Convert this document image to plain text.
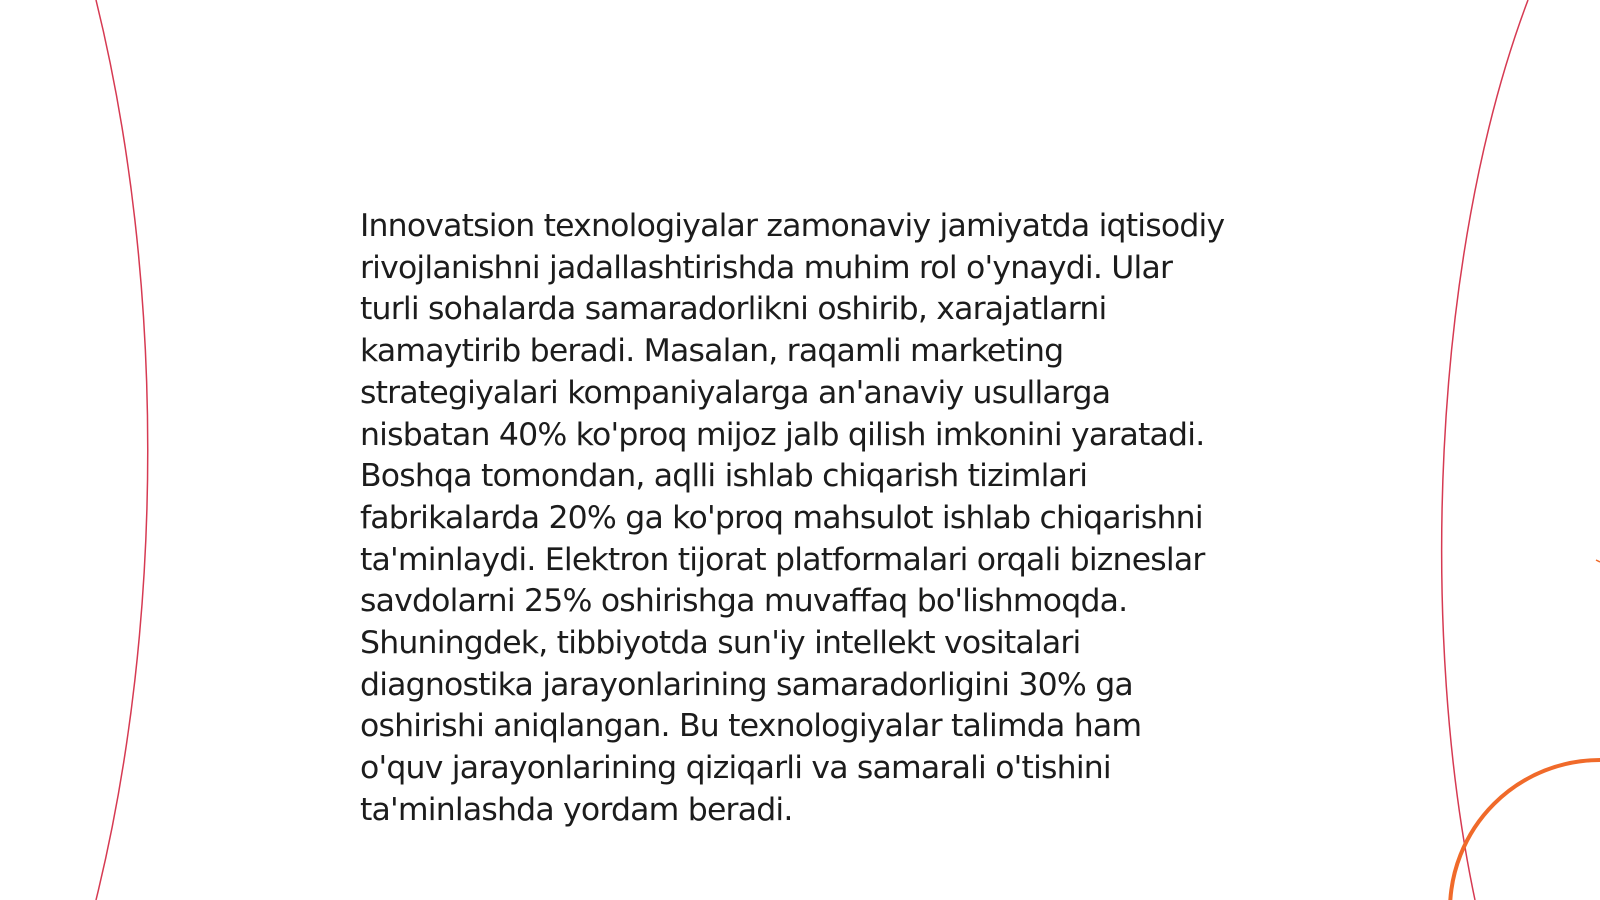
Innovatsion texnologiyalar zamonaviy jamiyatda iqtisodiy rivojlanishni jadallashtirishda muhim rol o'ynaydi. Ular turli sohalarda samaradorlikni oshirib, xarajatlarni kamaytirib beradi. Masalan, raqamli marketing strategiyalari kompaniyalarga an'anaviy usullarga nisbatan 40% ko'proq mijoz jalb qilish imkonini yaratadi. Boshqa tomondan, aqlli ishlab chiqarish tizimlari fabrikalarda 20% ga ko'proq mahsulot ishlab chiqarishni ta'minlaydi. Elektron tijorat platformalari orqali bizneslar savdolarni 25% oshirishga muvaffaq bo'lishmoqda. Shuningdek, tibbiyotda sun'iy intellekt vositalari diagnostika jarayonlarining samaradorligini 30% ga oshirishi aniqlangan. Bu texnologiyalar talimda ham o'quv jarayonlarining qiziqarli va samarali o'tishini ta'minlashda yordam beradi.
